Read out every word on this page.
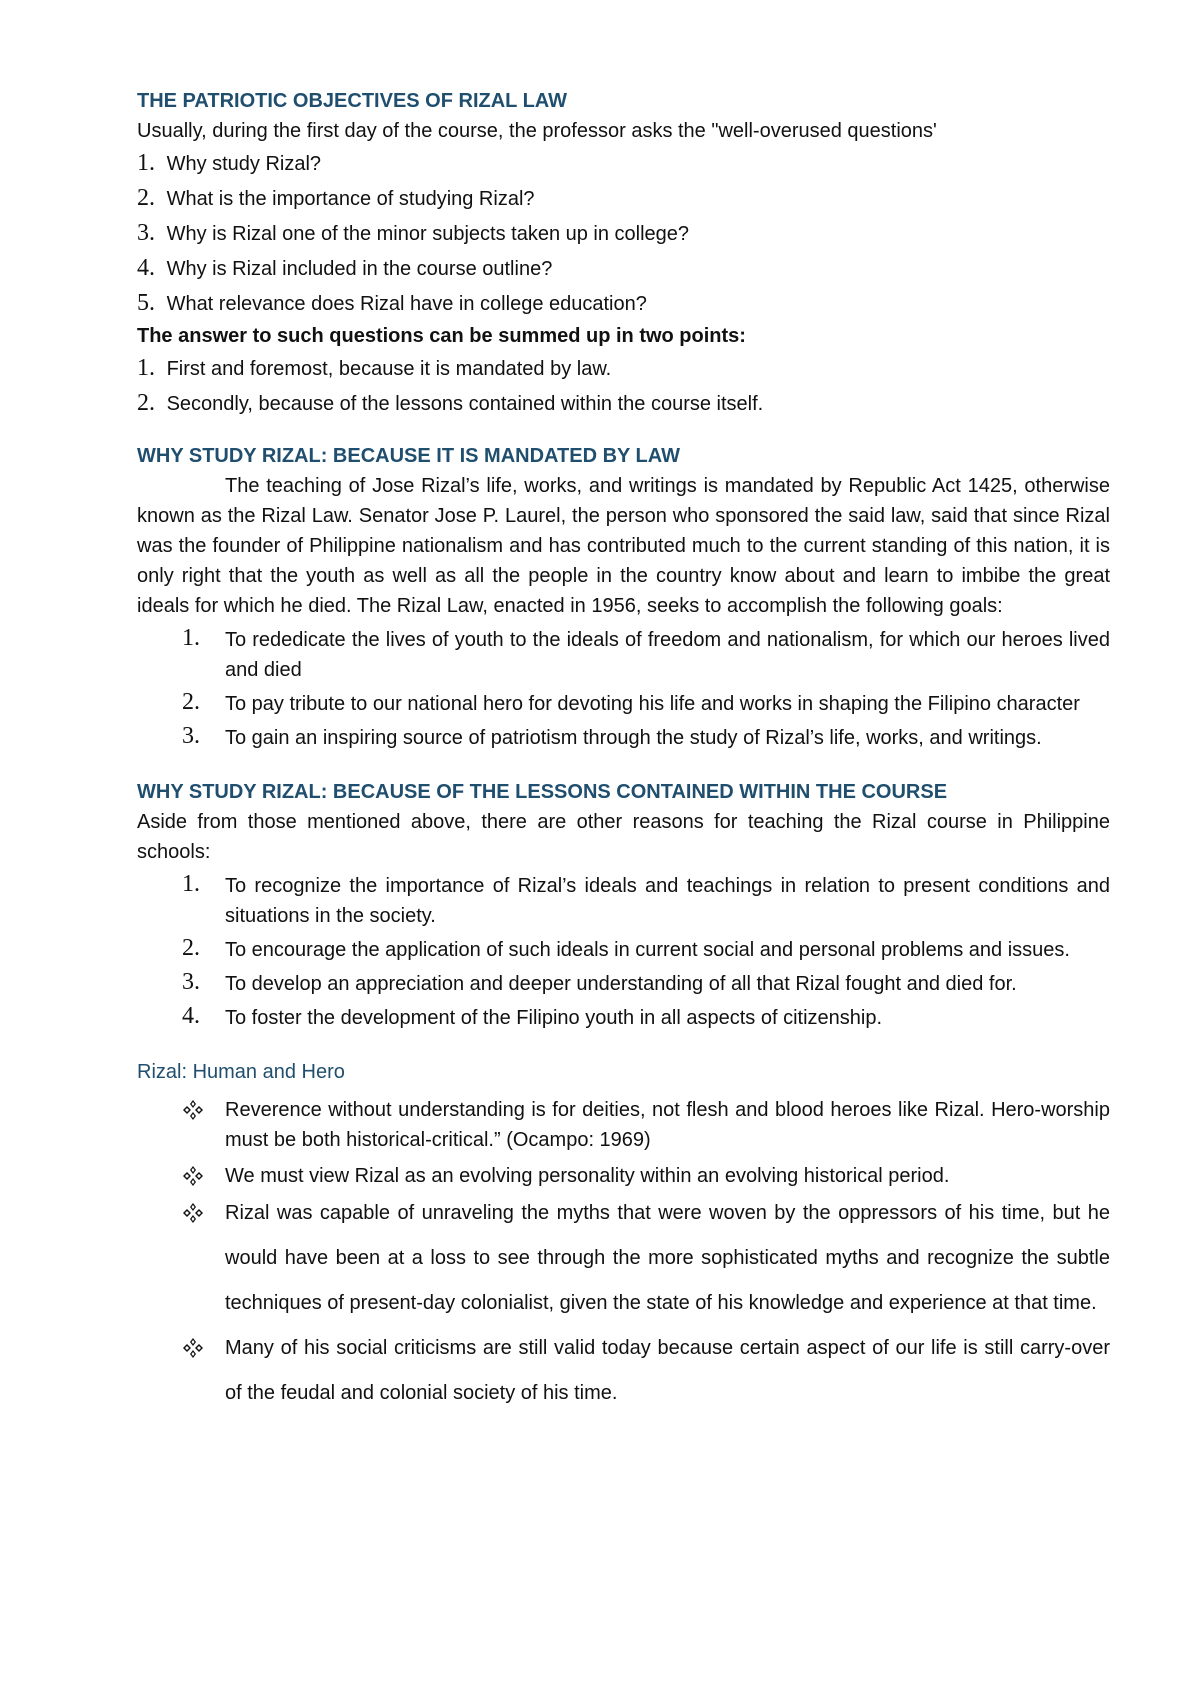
THE PATRIOTIC OBJECTIVES OF RIZAL LAW

Usually, during the first day of the course, the professor asks the "well-overused questions'

1. Why study Rizal?
2. What is the importance of studying Rizal?
3. Why is Rizal one of the minor subjects taken up in college?
4. Why is Rizal included in the course outline?
5. What relevance does Rizal have in college education?

The answer to such questions can be summed up in two points:

1. First and foremost, because it is mandated by law.
2. Secondly, because of the lessons contained within the course itself.
WHY STUDY RIZAL: BECAUSE IT IS MANDATED BY LAW

The teaching of Jose Rizal’s life, works, and writings is mandated by Republic Act 1425, otherwise known as the Rizal Law. Senator Jose P. Laurel, the person who sponsored the said law, said that since Rizal was the founder of Philippine nationalism and has contributed much to the current standing of this nation, it is only right that the youth as well as all the people in the country know about and learn to imbibe the great ideals for which he died. The Rizal Law, enacted in 1956, seeks to accomplish the following goals:

1. To rededicate the lives of youth to the ideals of freedom and nationalism, for which our heroes lived and died
2. To pay tribute to our national hero for devoting his life and works in shaping the Filipino character
3. To gain an inspiring source of patriotism through the study of Rizal’s life, works, and writings.
WHY STUDY RIZAL: BECAUSE OF THE LESSONS CONTAINED WITHIN THE COURSE

Aside from those mentioned above, there are other reasons for teaching the Rizal course in Philippine schools:

1. To recognize the importance of Rizal’s ideals and teachings in relation to present conditions and situations in the society.
2. To encourage the application of such ideals in current social and personal problems and issues.
3. To develop an appreciation and deeper understanding of all that Rizal fought and died for.
4. To foster the development of the Filipino youth in all aspects of citizenship.
Rizal: Human and Hero
Reverence without understanding is for deities, not flesh and blood heroes like Rizal. Hero-worship must be both historical-critical.” (Ocampo: 1969)
We must view Rizal as an evolving personality within an evolving historical period.
Rizal was capable of unraveling the myths that were woven by the oppressors of his time, but he would have been at a loss to see through the more sophisticated myths and recognize the subtle techniques of present-day colonialist, given the state of his knowledge and experience at that time.
Many of his social criticisms are still valid today because certain aspect of our life is still carry-over of the feudal and colonial society of his time.
